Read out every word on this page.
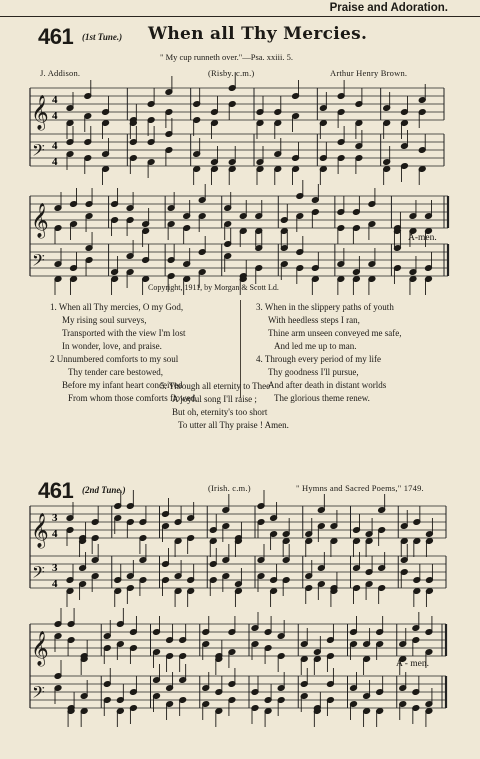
Praise and Adoration.
461 (1st Tune.) When all Thy Mercies.
" My cup runneth over."—Psa. xxiii. 5.
J. Addison.	(Risby. c.m.)	Arthur Henry Brown.
𝄞
𝄢
4
4
4
4
𝄞
𝄢
𝄞
𝄢
3
4
3
4
𝄞
𝄢
A-men.
Copyright, 1911, by Morgan & Scott Ld.
1. When all Thy mercies, O my God,
My rising soul surveys,
Transported with the view I'm lost
In wonder, love, and praise.
2 Unnumbered comforts to my soul
Thy tender care bestowed,
Before my infant heart conceived
From whom those comforts flowed.
3. When in the slippery paths of youth
With heedless steps I ran,
Thine arm unseen conveyed me safe,
And led me up to man.
4. Through every period of my life
Thy goodness I'll pursue,
And after death in distant worlds
The glorious theme renew.
5. Through all eternity to Thee
A joyful song I'll raise ;
But oh, eternity's too short
To utter all Thy praise ! Amen.
461 (2nd Tune.)	(Irish. c.m.)	" Hymns and Sacred Poems," 1749.
A - men.
